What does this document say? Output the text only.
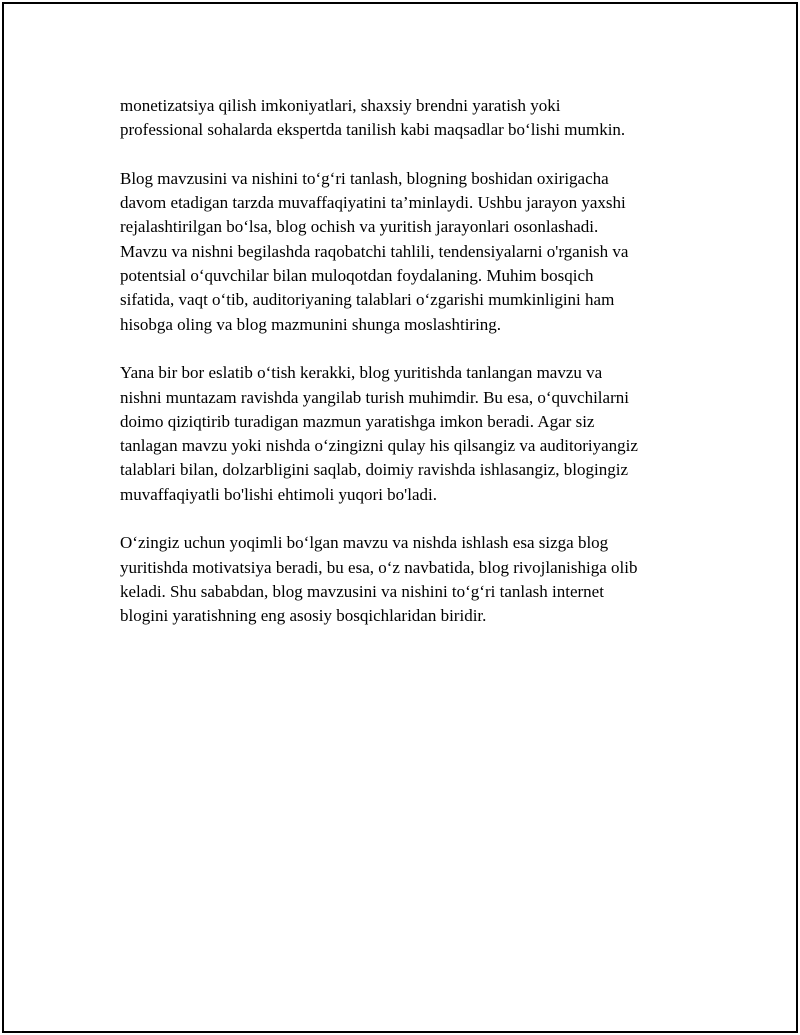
monetizatsiya qilish imkoniyatlari, shaxsiy brendni yaratish yoki
professional sohalarda ekspertda tanilish kabi maqsadlar bo‘lishi mumkin.

Blog mavzusini va nishini to‘g‘ri tanlash, blogning boshidan oxirigacha
davom etadigan tarzda muvaffaqiyatini ta’minlaydi. Ushbu jarayon yaxshi
rejalashtirilgan bo‘lsa, blog ochish va yuritish jarayonlari osonlashadi.
Mavzu va nishni begilashda raqobatchi tahlili, tendensiyalarni o'rganish va
potentsial o‘quvchilar bilan muloqotdan foydalaning. Muhim bosqich
sifatida, vaqt o‘tib, auditoriyaning talablari o‘zgarishi mumkinligini ham
hisobga oling va blog mazmunini shunga moslashtiring.

Yana bir bor eslatib o‘tish kerakki, blog yuritishda tanlangan mavzu va
nishni muntazam ravishda yangilab turish muhimdir. Bu esa, o‘quvchilarni
doimo qiziqtirib turadigan mazmun yaratishga imkon beradi. Agar siz
tanlagan mavzu yoki nishda o‘zingizni qulay his qilsangiz va auditoriyangiz
talablari bilan, dolzarbligini saqlab, doimiy ravishda ishlasangiz, blogingiz
muvaffaqiyatli bo'lishi ehtimoli yuqori bo'ladi.

O‘zingiz uchun yoqimli bo‘lgan mavzu va nishda ishlash esa sizga blog
yuritishda motivatsiya beradi, bu esa, o‘z navbatida, blog rivojlanishiga olib
keladi. Shu sababdan, blog mavzusini va nishini to‘g‘ri tanlash internet
blogini yaratishning eng asosiy bosqichlaridan biridir.
